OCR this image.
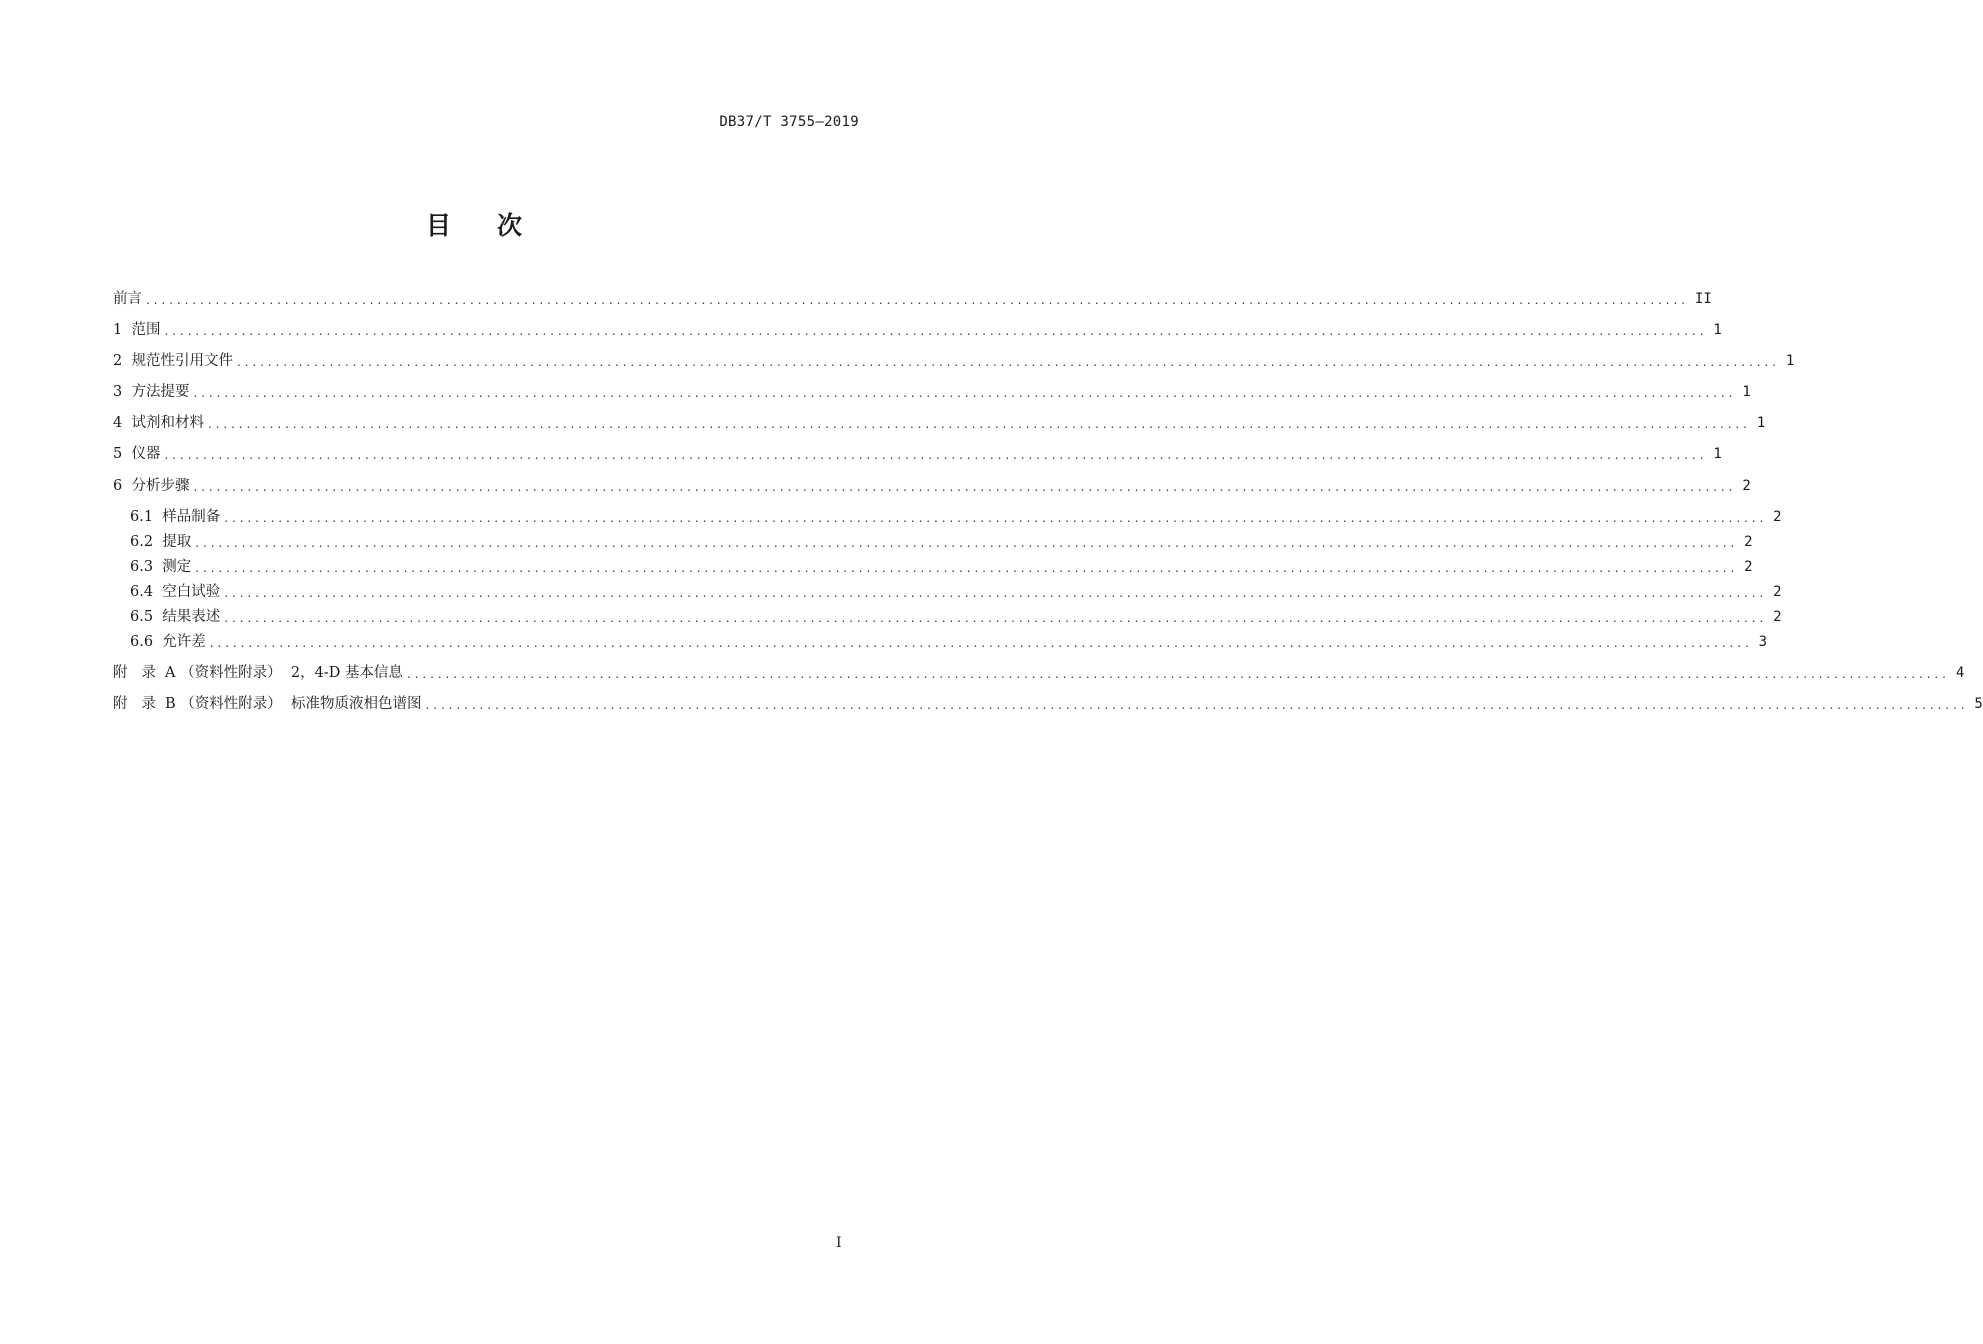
DB37/T 3755—2019
目 次
前言 ........................................................................................................................................................................................................ II
1  范围 ........................................................................................................................................................................................................ 1
2  规范性引用文件 ........................................................................................................................................................................................................ 1
3  方法提要 ........................................................................................................................................................................................................ 1
4  试剂和材料 ........................................................................................................................................................................................................ 1
5  仪器 ........................................................................................................................................................................................................ 1
6  分析步骤 ........................................................................................................................................................................................................ 2
6.1  样品制备 ........................................................................................................................................................................................................ 2
6.2  提取 ........................................................................................................................................................................................................ 2
6.3  测定 ........................................................................................................................................................................................................ 2
6.4  空白试验 ........................................................................................................................................................................................................ 2
6.5  结果表述 ........................................................................................................................................................................................................ 2
6.6  允许差 ........................................................................................................................................................................................................ 3
附   录  A （资料性附录）  2，4-D 基本信息 ........................................................................................................................................................................................................ 4
附   录  B （资料性附录）  标准物质液相色谱图 ........................................................................................................................................................................................................ 5
I
